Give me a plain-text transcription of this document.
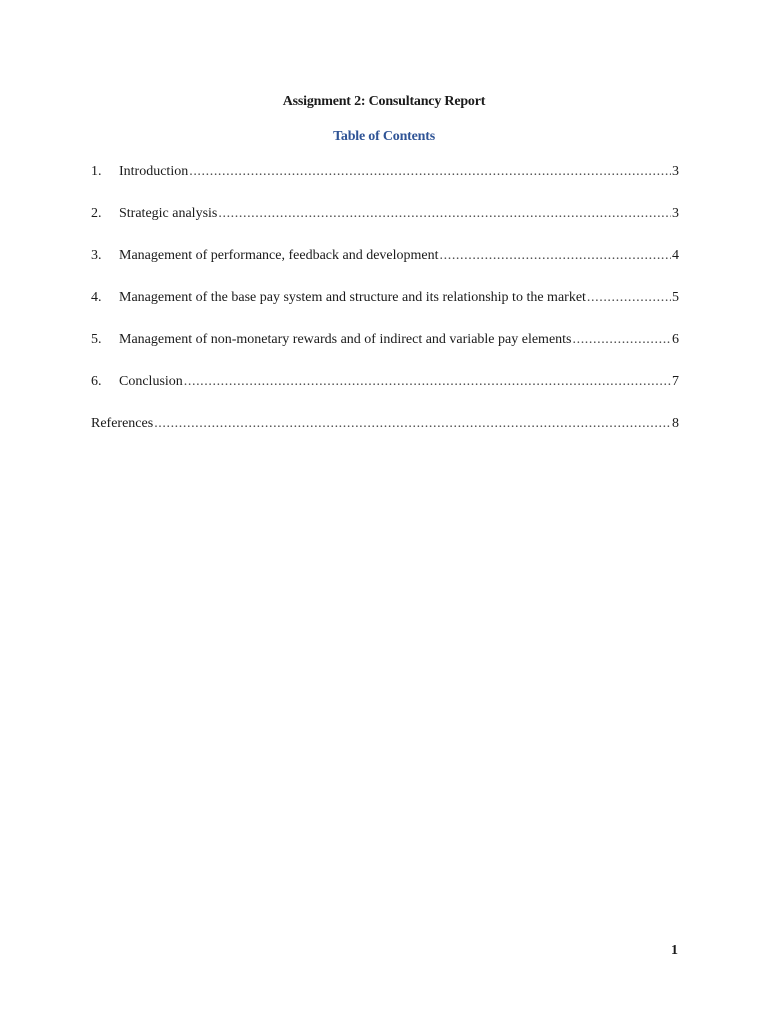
Assignment 2: Consultancy Report
Table of Contents
1.	Introduction .....	3
2.	Strategic analysis .....	3
3.	Management of performance, feedback and development .....	4
4.	Management of the base pay system and structure and its relationship to the market .....	5
5.	Management of non-monetary rewards and of indirect and variable pay elements .....	6
6.	Conclusion .....	7
References .....	8
1
